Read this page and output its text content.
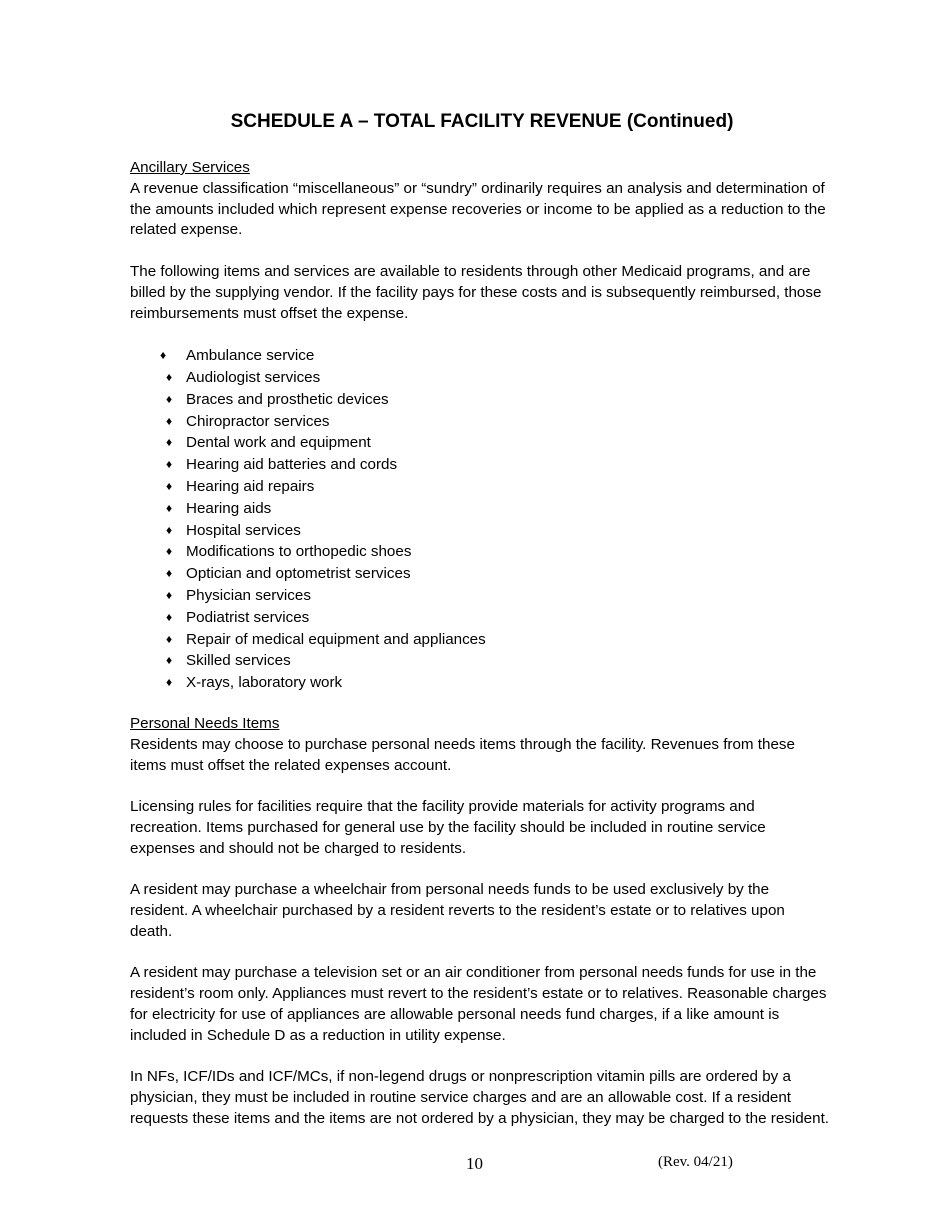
SCHEDULE A – TOTAL FACILITY REVENUE (Continued)

Ancillary Services

A revenue classification “miscellaneous” or “sundry” ordinarily requires an analysis and determination of the amounts included which represent expense recoveries or income to be applied as a reduction to the related expense.

The following items and services are available to residents through other Medicaid programs, and are billed by the supplying vendor. If the facility pays for these costs and is subsequently reimbursed, those reimbursements must offset the expense.

♦ Ambulance service
♦ Audiologist services
♦ Braces and prosthetic devices
♦ Chiropractor services
♦ Dental work and equipment
♦ Hearing aid batteries and cords
♦ Hearing aid repairs
♦ Hearing aids
♦ Hospital services
♦ Modifications to orthopedic shoes
♦ Optician and optometrist services
♦ Physician services
♦ Podiatrist services
♦ Repair of medical equipment and appliances
♦ Skilled services
♦ X-rays, laboratory work

Personal Needs Items

Residents may choose to purchase personal needs items through the facility. Revenues from these items must offset the related expenses account.

Licensing rules for facilities require that the facility provide materials for activity programs and recreation. Items purchased for general use by the facility should be included in routine service expenses and should not be charged to residents.

A resident may purchase a wheelchair from personal needs funds to be used exclusively by the resident. A wheelchair purchased by a resident reverts to the resident’s estate or to relatives upon death.

A resident may purchase a television set or an air conditioner from personal needs funds for use in the resident’s room only. Appliances must revert to the resident’s estate or to relatives. Reasonable charges for electricity for use of appliances are allowable personal needs fund charges, if a like amount is included in Schedule D as a reduction in utility expense.

In NFs, ICF/IDs and ICF/MCs, if non-legend drugs or nonprescription vitamin pills are ordered by a physician, they must be included in routine service charges and are an allowable cost. If a resident requests these items and the items are not ordered by a physician, they may be charged to the resident.

10	(Rev. 04/21)
